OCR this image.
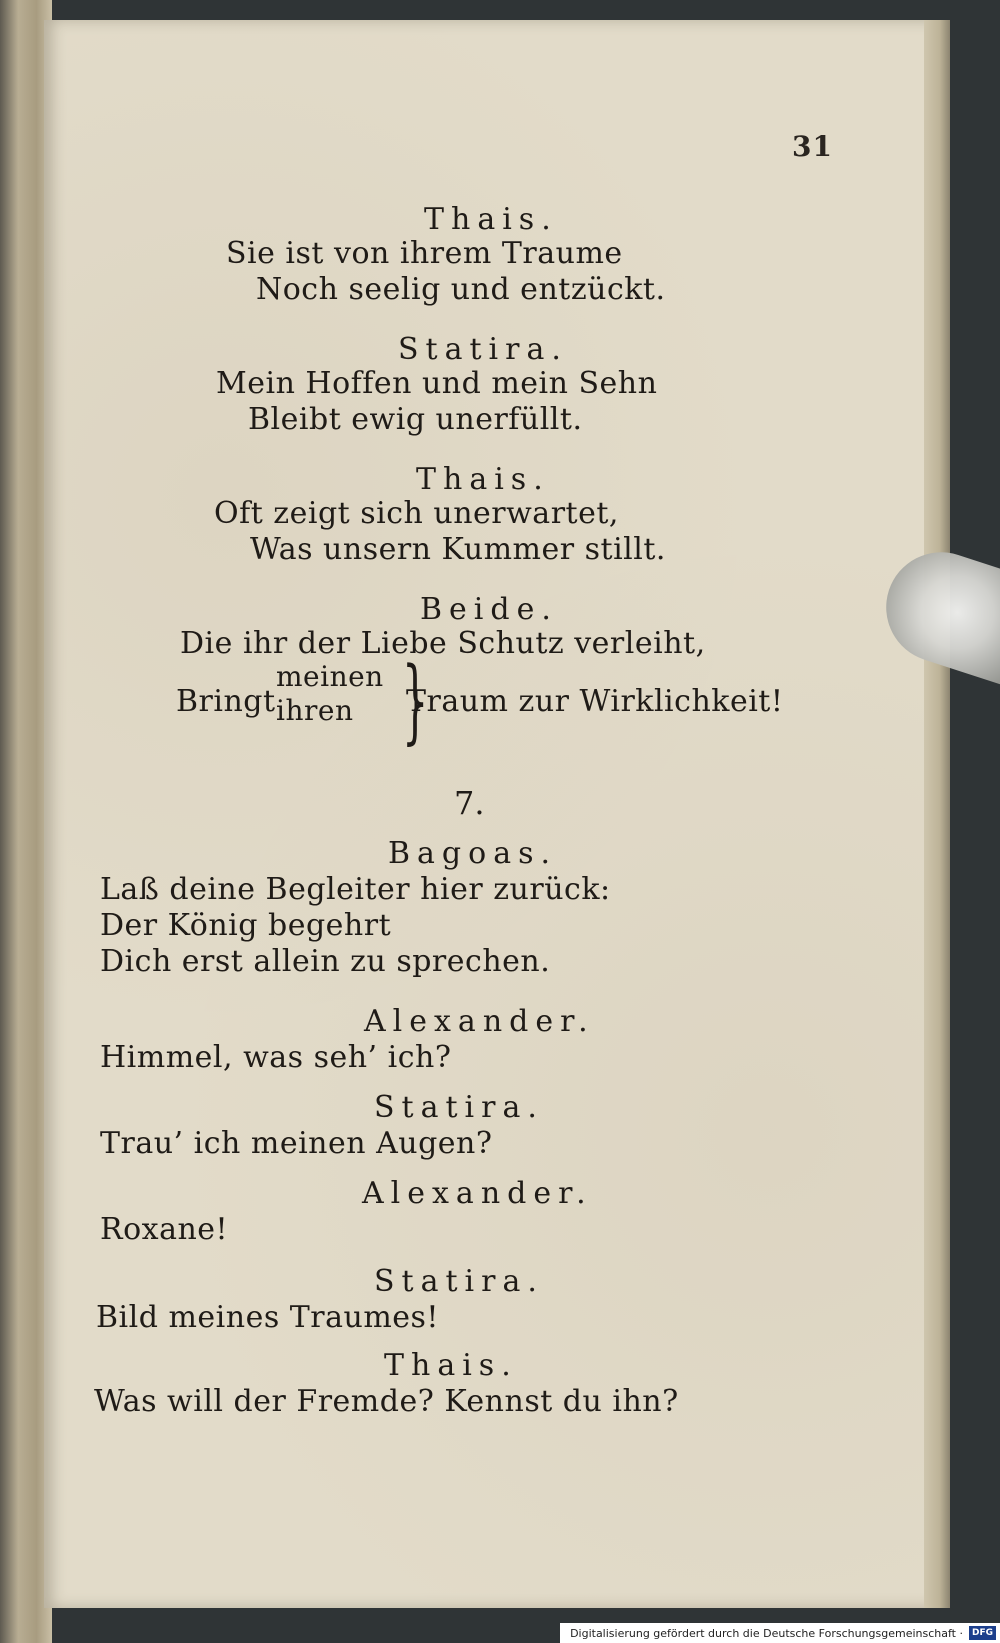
31
Thais.
Sie ist von ihrem Traume
Noch seelig und entzückt.
Statira.
Mein Hoffen und mein Sehn
Bleibt ewig unerfüllt.
Thais.
Oft zeigt sich unerwartet,
Was unsern Kummer stillt.
Beide.
Die ihr der Liebe Schutz verleiht,
Bringt
meinen
ihren }
Traum zur Wirklichkeit!
7.
Bagoas.
Laß deine Begleiter hier zurück:
Der König begehrt
Dich erst allein zu sprechen.
Alexander.
Himmel, was seh’ ich?
Statira.
Trau’ ich meinen Augen?
Alexander.
Roxane!
Statira.
Bild meines Traumes!
Thais.
Was will der Fremde? Kennst du ihn?
Digitalisierung gefördert durch die Deutsche Forschungsgemeinschaft ·	DFG
